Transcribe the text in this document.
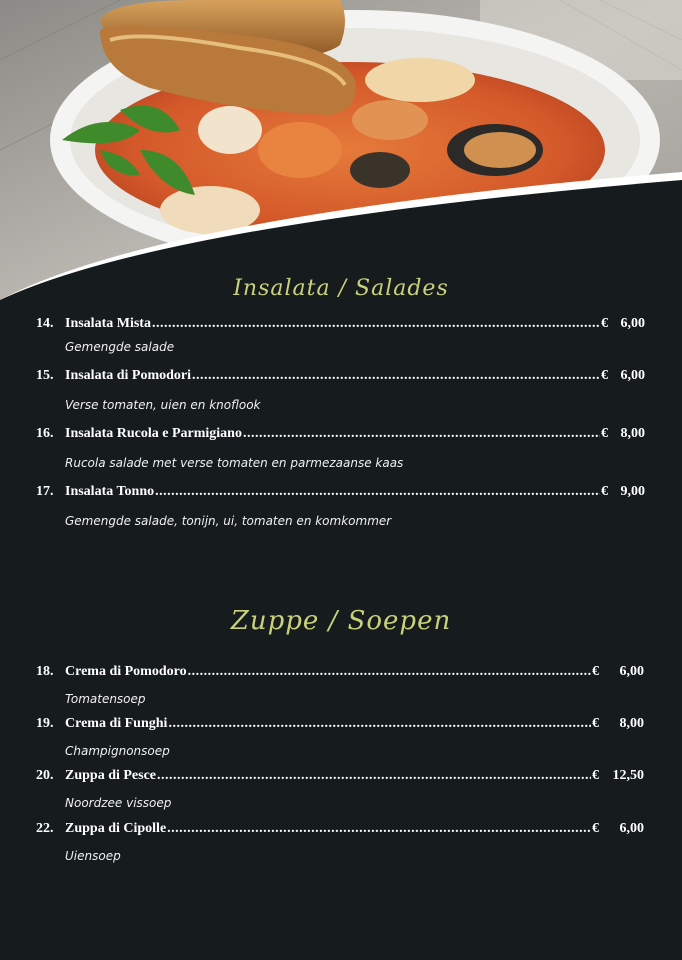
Insalata / Salades
14. Insalata Mista .....	€ 6,00
Gemengde salade
15. Insalata di Pomodori .....	€ 6,00
Verse tomaten, uien en knoflook
16. Insalata Rucola e Parmigiano .....	€ 8,00
Rucola salade met verse tomaten en parmezaanse kaas
17. Insalata Tonno .....	€ 9,00
Gemengde salade, tonijn, ui, tomaten en komkommer
Zuppe / Soepen
18. Crema di Pomodoro .....	€	6,00
Tomatensoep
19. Crema di Funghi .....	€	8,00
Champignonsoep
20. Zuppa di Pesce .....	€ 12,50
Noordzee vissoep
22. Zuppa di Cipolle .....	€	6,00
Uiensoep
